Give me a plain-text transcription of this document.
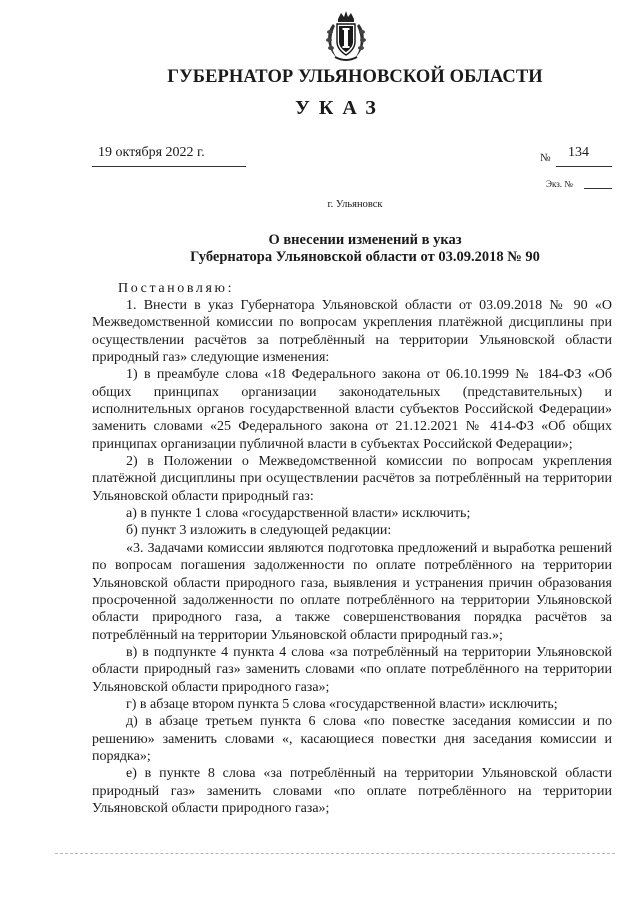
ГУБЕРНАТОР УЛЬЯНОВСКОЙ ОБЛАСТИ
УКАЗ
19 октября 2022 г.	№ 134
Экз. №
г. Ульяновск
О внесении изменений в указ
Губернатора Ульяновской области от 03.09.2018 № 90
Постановляю:

1. Внести в указ Губернатора Ульяновской области от 03.09.2018 № 90 «О Межведомственной комиссии по вопросам укрепления платёжной дисциплины при осуществлении расчётов за потреблённый на территории Ульяновской области природный газ» следующие изменения:

1) в преамбуле слова «18 Федерального закона от 06.10.1999 № 184-ФЗ «Об общих принципах организации законодательных (представительных) и исполнительных органов государственной власти субъектов Российской Федерации» заменить словами «25 Федерального закона от 21.12.2021 № 414-ФЗ «Об общих принципах организации публичной власти в субъектах Российской Федерации»;

2) в Положении о Межведомственной комиссии по вопросам укрепления платёжной дисциплины при осуществлении расчётов за потреблённый на территории Ульяновской области природный газ:

а) в пункте 1 слова «государственной власти» исключить;

б) пункт 3 изложить в следующей редакции:

«3. Задачами комиссии являются подготовка предложений и выработка решений по вопросам погашения задолженности по оплате потреблённого на территории Ульяновской области природного газа, выявления и устранения причин образования просроченной задолженности по оплате потреблённого на территории Ульяновской области природного газа, а также совершенствования порядка расчётов за потреблённый на территории Ульяновской области природный газ.»;

в) в подпункте 4 пункта 4 слова «за потреблённый на территории Ульяновской области природный газ» заменить словами «по оплате потреблённого на территории Ульяновской области природного газа»;

г) в абзаце втором пункта 5 слова «государственной власти» исключить;

д) в абзаце третьем пункта 6 слова «по повестке заседания комиссии и по решению» заменить словами «, касающиеся повестки дня заседания комиссии и порядка»;

е) в пункте 8 слова «за потреблённый на территории Ульяновской области природный газ» заменить словами «по оплате потреблённого на территории Ульяновской области природного газа»;
